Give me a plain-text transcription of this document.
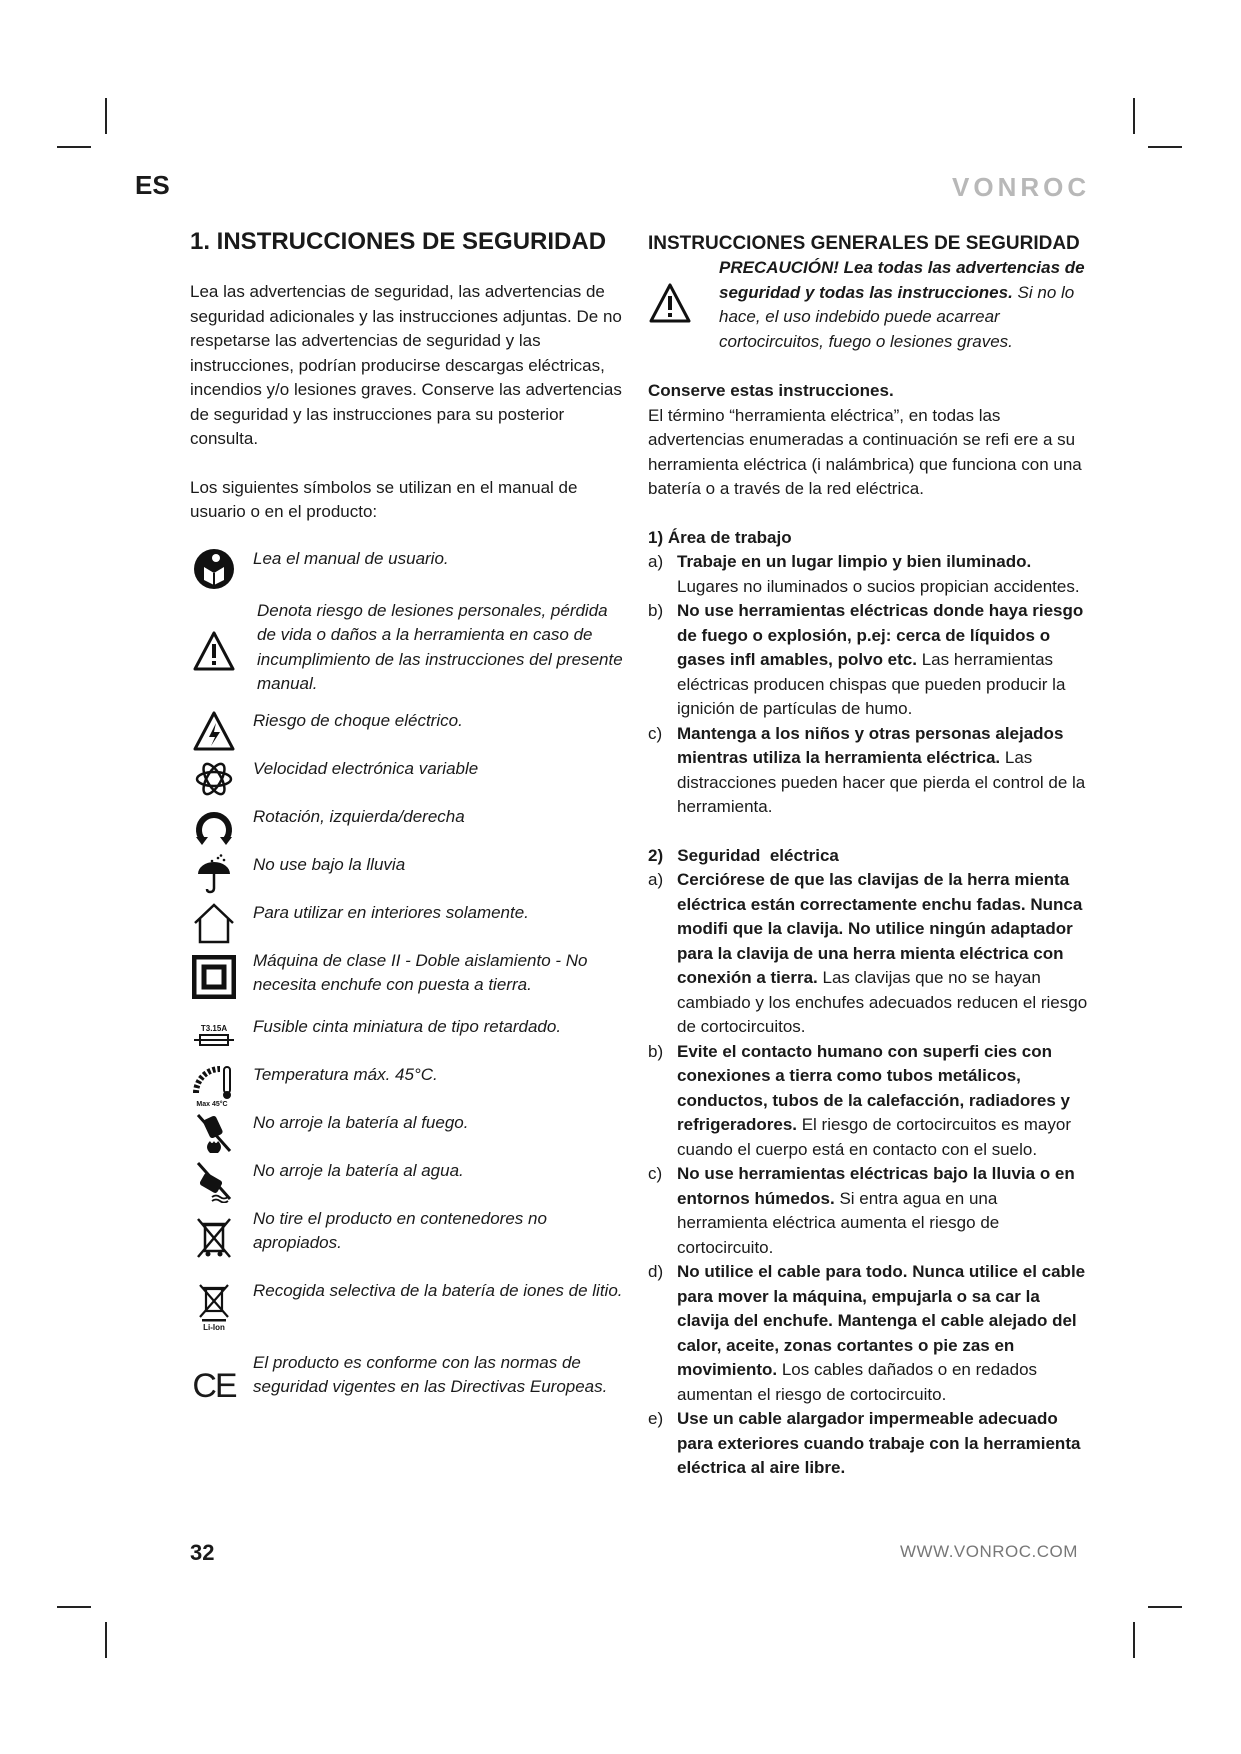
ES	VONROC
1. INSTRUCCIONES DE SEGURIDAD

Lea las advertencias de seguridad, las advertencias de seguridad adicionales y las instrucciones adjuntas. De no respetarse las advertencias de seguridad y las instrucciones, podrían producirse descargas eléctricas, incendios y/o lesiones graves. Conserve las advertencias de seguridad y las instrucciones para su posterior consulta.

Los siguientes símbolos se utilizan en el manual de usuario o en el producto:

Lea el manual de usuario.
Denota riesgo de lesiones personales, pérdida de vida o daños a la herramienta en caso de incumplimiento de las instrucciones del presente manual.
Riesgo de choque eléctrico.
Velocidad electrónica variable
Rotación, izquierda/derecha
No use bajo la lluvia
Para utilizar en interiores solamente.
Máquina de clase II - Doble aislamiento - No necesita enchufe con puesta a tierra.
T3.15A Fusible cinta miniatura de tipo retardado.
Max 45°C
Temperatura máx. 45°C.
No arroje la batería al fuego.
No arroje la batería al agua.
No tire el producto en contenedores no apropiados.
Li-Ion
Recogida selectiva de la batería de iones de litio.
CE
El producto es conforme con las normas de seguridad vigentes en las Directivas Europeas.
INSTRUCCIONES GENERALES DE SEGURIDAD

PRECAUCIÓN! Lea todas las advertencias de seguridad y todas las instrucciones. Si no lo hace, el uso indebido puede acarrear cortocircuitos, fuego o lesiones graves.

Conserve estas instrucciones.

El término “herramienta eléctrica”, en todas las advertencias enumeradas a continuación se refi ere a su herramienta eléctrica (i nalámbrica) que funciona con una batería o a través de la red eléctrica.

1) Área de trabajo
a) Trabaje en un lugar limpio y bien iluminado. Lugares no iluminados o sucios propician accidentes.
b) No use herramientas eléctricas donde haya riesgo de fuego o explosión, p.ej: cerca de líquidos o gases infl amables, polvo etc. Las herramientas eléctricas producen chispas que pueden producir la ignición de partículas de humo.
c) Mantenga a los niños y otras personas alejados mientras utiliza la herramienta eléctrica. Las distracciones pueden hacer que pierda el control de la herramienta.
2)   Seguridad  eléctrica
a) Cerciórese de que las clavijas de la herra mienta eléctrica están correctamente enchu fadas. Nunca modifi que la clavija. No utilice ningún adaptador para la clavija de una herra mienta eléctrica con conexión a tierra. Las clavijas que no se hayan cambiado y los enchufes adecuados reducen el riesgo de cortocircuitos.
b) Evite el contacto humano con superfi cies con conexiones a tierra como tubos metálicos, conductos, tubos de la calefacción, radiadores y refrigeradores. El riesgo de cortocircuitos es mayor cuando el cuerpo está en contacto con el suelo.
c) No use herramientas eléctricas bajo la lluvia o en entornos húmedos. Si entra agua en una herramienta eléctrica aumenta el riesgo de cortocircuito.
d) No utilice el cable para todo. Nunca utilice el cable para mover la máquina, empujarla o sa car la clavija del enchufe. Mantenga el cable alejado del calor, aceite, zonas cortantes o pie zas en movimiento. Los cables dañados o en redados aumentan el riesgo de cortocircuito.
e) Use un cable alargador impermeable adecuado para exteriores cuando trabaje con la herramienta eléctrica al aire libre.
32	WWW.VONROC.COM
